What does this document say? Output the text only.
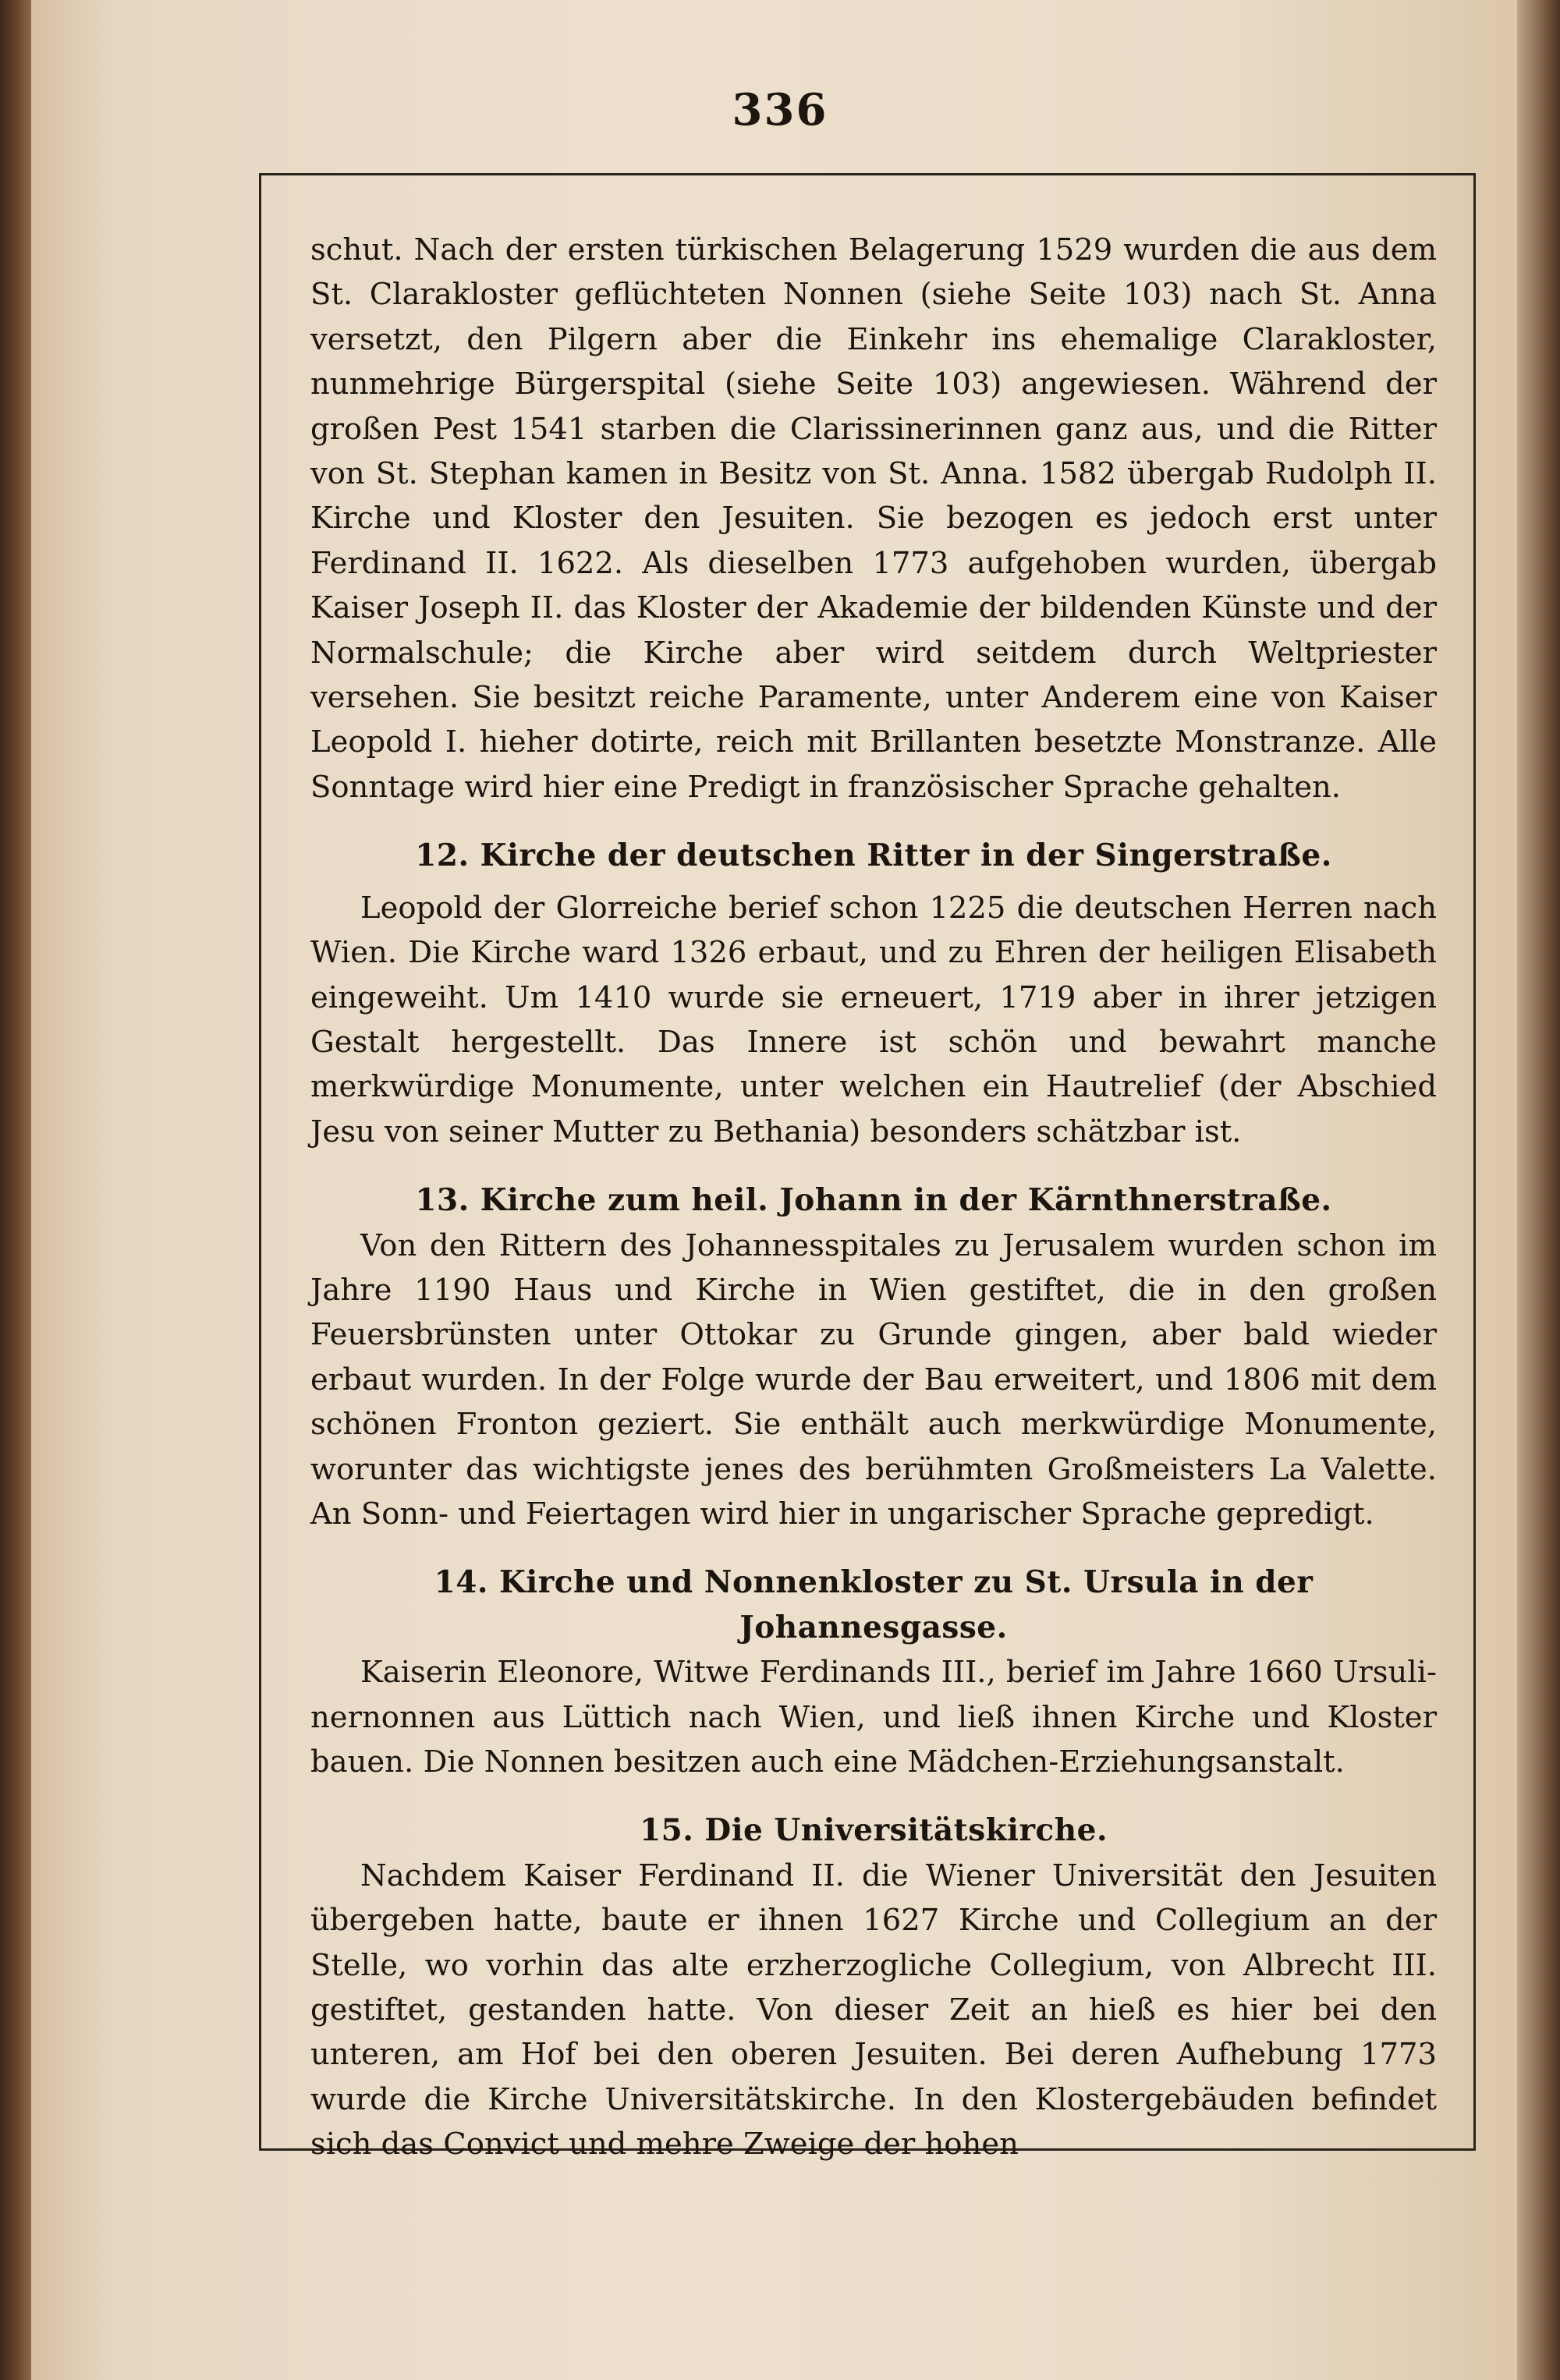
336

schut. Nach der ersten türkischen Belagerung 1529 wurden die aus dem St. Clarakloster geflüchteten Nonnen (siehe Seite 103) nach St. Anna versetzt, den Pilgern aber die Einkehr ins ehemalige Clarakloster, nunmehrige Bürgerspital (siehe Seite 103) angewiesen. Während der großen Pest 1541 starben die Clarissinerinnen ganz aus, und die Ritter von St. Stephan kamen in Besitz von St. Anna. 1582 übergab Rudolph II. Kirche und Kloster den Jesuiten. Sie bezogen es jedoch erst unter Ferdinand II. 1622. Als dieselben 1773 aufgehoben wurden, übergab Kaiser Joseph II. das Kloster der Akademie der bildenden Künste und der Normalschule; die Kirche aber wird seitdem durch Weltpriester versehen. Sie besitzt reiche Paramente, unter Anderem eine von Kaiser Leopold I. hieher dotirte, reich mit Brillanten besetzte Monstranze. Alle Sonntage wird hier eine Predigt in französischer Sprache gehalten.

12. Kirche der deutschen Ritter in der Singerstraße.

Leopold der Glorreiche berief schon 1225 die deutschen Herren nach Wien. Die Kirche ward 1326 erbaut, und zu Ehren der heiligen Elisabeth eingeweiht. Um 1410 wurde sie erneuert, 1719 aber in ihrer jetzigen Gestalt hergestellt. Das Innere ist schön und bewahrt manche merkwürdige Monumente, unter welchen ein Hautrelief (der Abschied Jesu von seiner Mutter zu Bethania) besonders schätzbar ist.

13. Kirche zum heil. Johann in der Kärnthnerstraße.

Von den Rittern des Johannesspitales zu Jerusalem wurden schon im Jahre 1190 Haus und Kirche in Wien gestiftet, die in den großen Feuersbrünsten unter Ottokar zu Grunde gingen, aber bald wieder erbaut wurden. In der Folge wurde der Bau erweitert, und 1806 mit dem schönen Fronton geziert. Sie enthält auch merkwürdige Monumente, worunter das wichtigste jenes des berühmten Großmeisters La Valette. An Sonn- und Feiertagen wird hier in ungarischer Sprache gepredigt.

14. Kirche und Nonnenkloster zu St. Ursula in der Johannesgasse.

Kaiserin Eleonore, Witwe Ferdinands III., berief im Jahre 1660 Ursulinernonnen aus Lüttich nach Wien, und ließ ihnen Kirche und Kloster bauen. Die Nonnen besitzen auch eine Mädchen-Erziehungsanstalt.

15. Die Universitätskirche.

Nachdem Kaiser Ferdinand II. die Wiener Universität den Jesuiten übergeben hatte, baute er ihnen 1627 Kirche und Collegium an der Stelle, wo vorhin das alte erzherzogliche Collegium, von Albrecht III. gestiftet, gestanden hatte. Von dieser Zeit an hieß es hier bei den unteren, am Hof bei den oberen Jesuiten. Bei deren Aufhebung 1773 wurde die Kirche Universitätskirche. In den Klostergebäuden befindet sich das Convict und mehre Zweige der hohen
